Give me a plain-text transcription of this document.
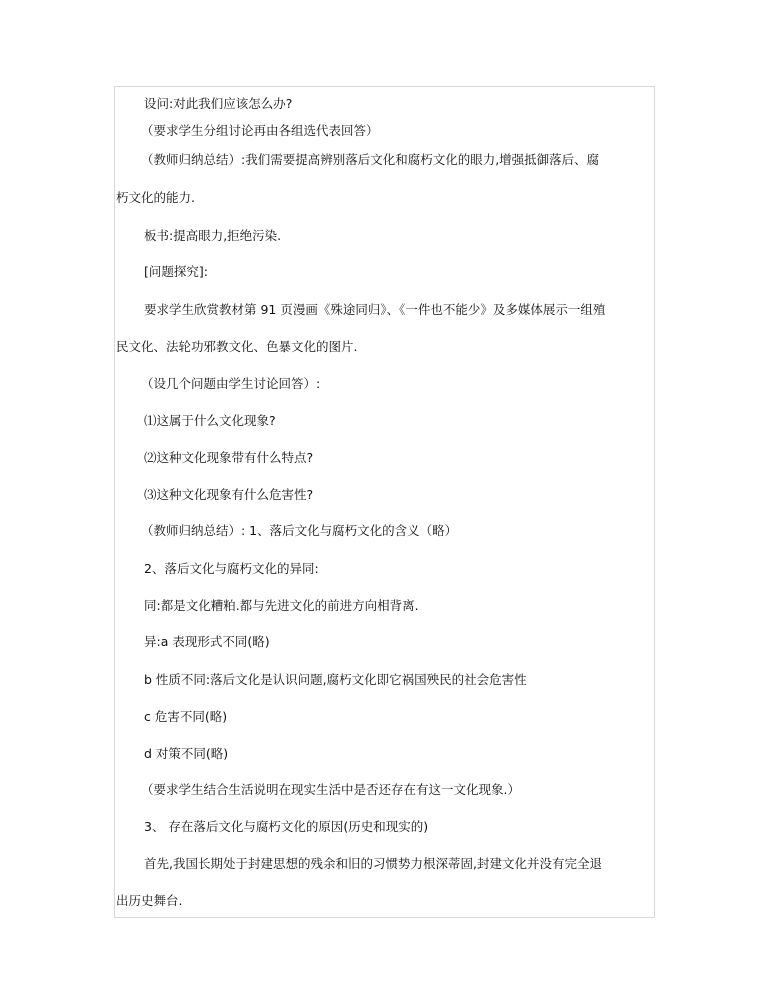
设问:对此我们应该怎么办?
（要求学生分组讨论再由各组选代表回答）
（教师归纳总结）:我们需要提高辨别落后文化和腐朽文化的眼力,增强抵御落后、腐
朽文化的能力.
板书:提高眼力,拒绝污染.
[问题探究]:
要求学生欣赏教材第 91 页漫画《殊途同归》、《一件也不能少》及多媒体展示一组殖
民文化、法轮功邪教文化、色暴文化的图片.
（设几个问题由学生讨论回答）:
⑴这属于什么文化现象?
⑵这种文化现象带有什么特点?
⑶这种文化现象有什么危害性?
（教师归纳总结）: 1、落后文化与腐朽文化的含义（略）
2、落后文化与腐朽文化的异同:
同:都是文化糟粕.都与先进文化的前进方向相背离.
异:a 表现形式不同(略)
b 性质不同:落后文化是认识问题,腐朽文化即它祸国殃民的社会危害性
c 危害不同(略)
d 对策不同(略)
（要求学生结合生活说明在现实生活中是否还存在有这一文化现象.）
3、 存在落后文化与腐朽文化的原因(历史和现实的)
首先,我国长期处于封建思想的残余和旧的习惯势力根深蒂固,封建文化并没有完全退
出历史舞台.
